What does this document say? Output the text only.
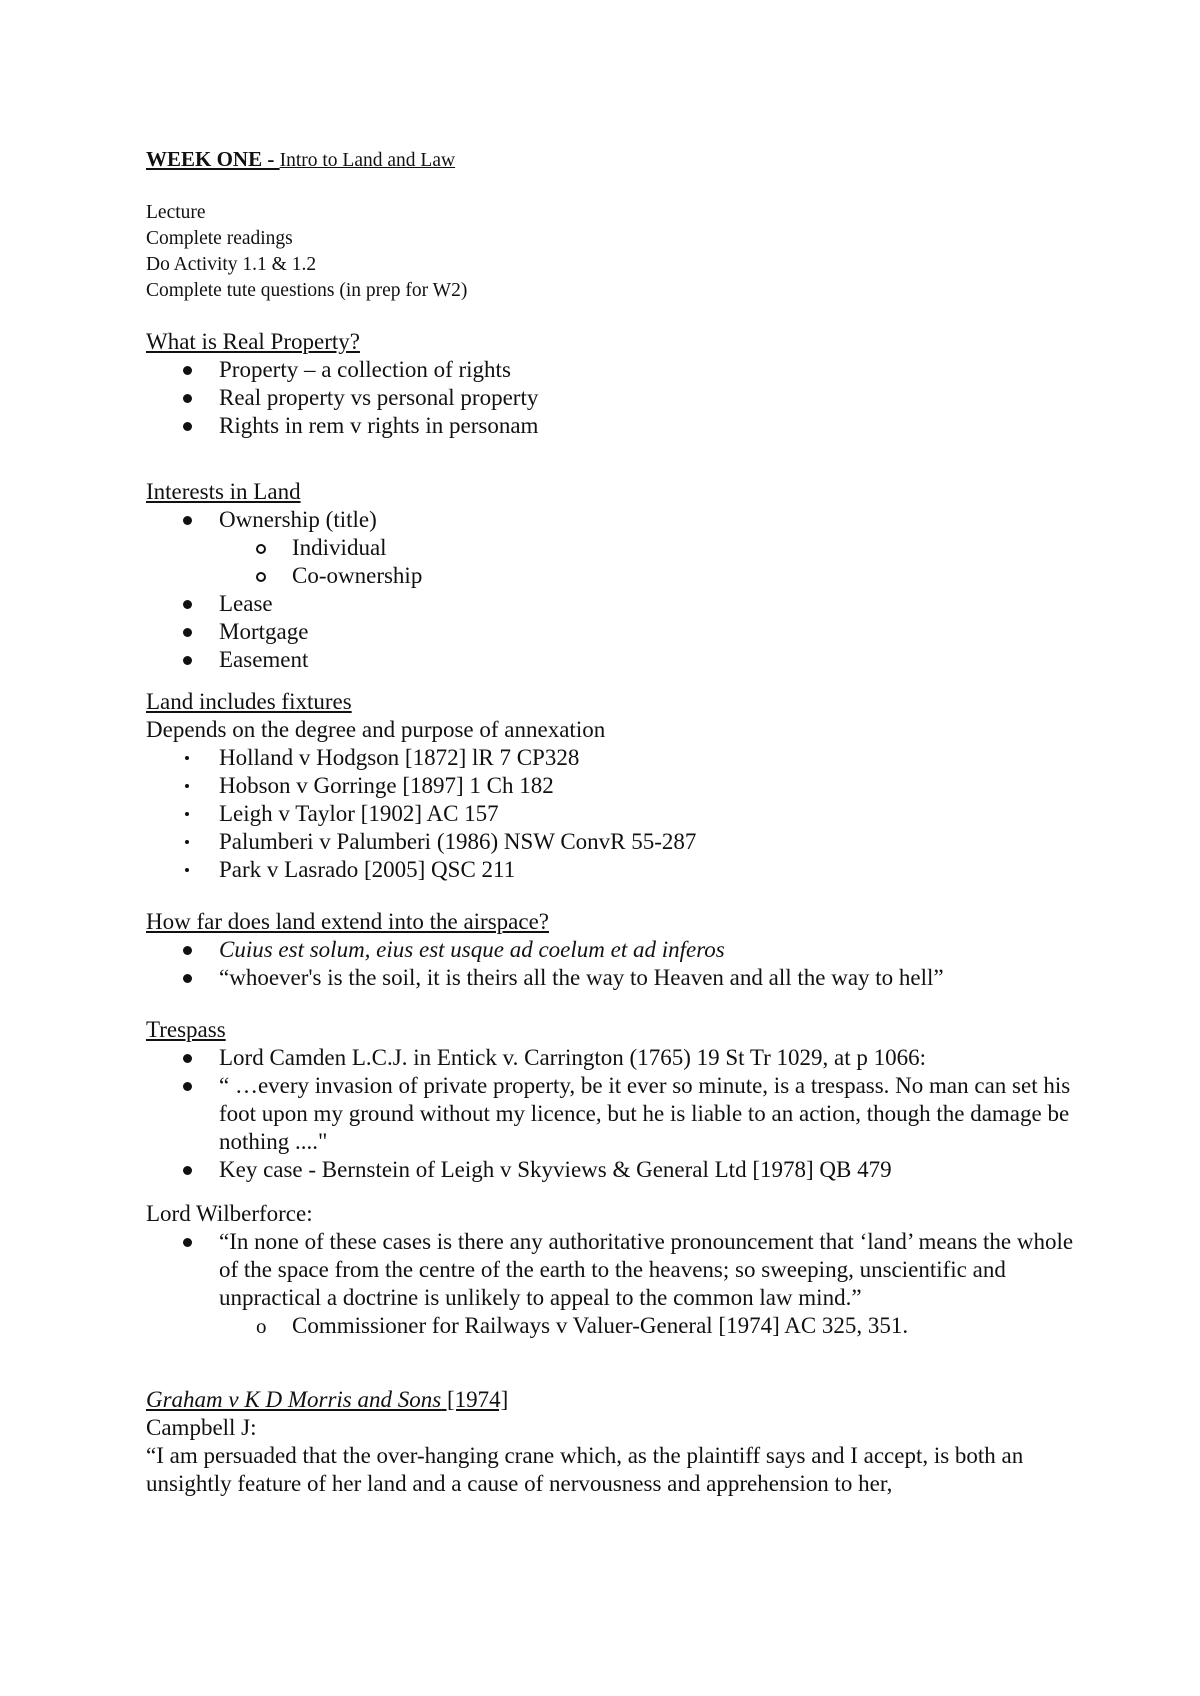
WEEK ONE - Intro to Land and Law

Lecture

Complete readings

Do Activity 1.1 & 1.2

Complete tute questions (in prep for W2)

What is Real Property?

Property – a collection of rights
Real property vs personal property
Rights in rem v rights in personam

Interests in Land

Ownership (title)
Individual
Co-ownership
Lease
Mortgage
Easement

Land includes fixtures

Depends on the degree and purpose of annexation

Holland v Hodgson [1872] lR 7 CP328
Hobson v Gorringe [1897] 1 Ch 182
Leigh v Taylor [1902] AC 157
Palumberi v Palumberi (1986) NSW ConvR 55-287
Park v Lasrado [2005] QSC 211

How far does land extend into the airspace?

Cuius est solum, eius est usque ad coelum et ad inferos
“whoever's is the soil, it is theirs all the way to Heaven and all the way to hell”

Trespass

Lord Camden L.C.J. in Entick v. Carrington (1765) 19 St Tr 1029, at p 1066:
“ …every invasion of private property, be it ever so minute, is a trespass. No man can set his foot upon my ground without my licence, but he is liable to an action, though the damage be nothing ...."
Key case - Bernstein of Leigh v Skyviews & General Ltd [1978] QB 479

Lord Wilberforce:

“In none of these cases is there any authoritative pronouncement that ‘land’ means the whole of the space from the centre of the earth to the heavens; so sweeping, unscientific and unpractical a doctrine is unlikely to appeal to the common law mind.”
Commissioner for Railways v Valuer-General [1974] AC 325, 351.

Graham v K D Morris and Sons [1974]

Campbell J:

“I am persuaded that the over-hanging crane which, as the plaintiff says and I accept, is both an unsightly feature of her land and a cause of nervousness and apprehension to her,
